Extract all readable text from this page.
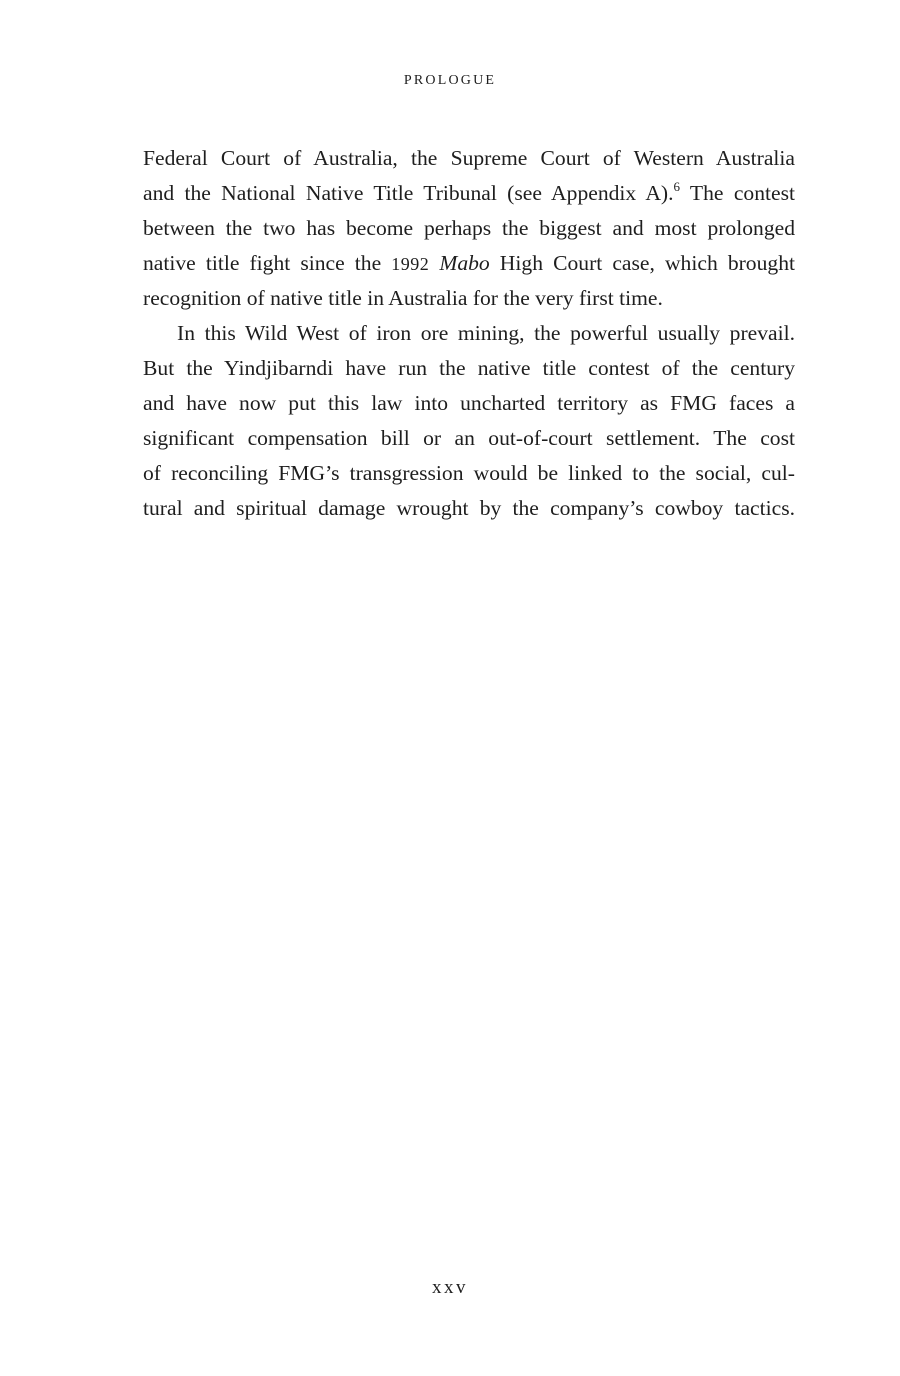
PROLOGUE
Federal Court of Australia, the Supreme Court of Western Australia
and the National Native Title Tribunal (see Appendix A).$^6$ The contest
between the two has become perhaps the biggest and most prolonged
native title fight since the 1992 Mabo High Court case, which brought
recognition of native title in Australia for the very first time.
In this Wild West of iron ore mining, the powerful usually prevail.
But the Yindjibarndi have run the native title contest of the century
and have now put this law into uncharted territory as FMG faces a
significant compensation bill or an out-of-court settlement. The cost
of reconciling FMG’s transgression would be linked to the social, cul-
tural and spiritual damage wrought by the company’s cowboy tactics.
xxv
